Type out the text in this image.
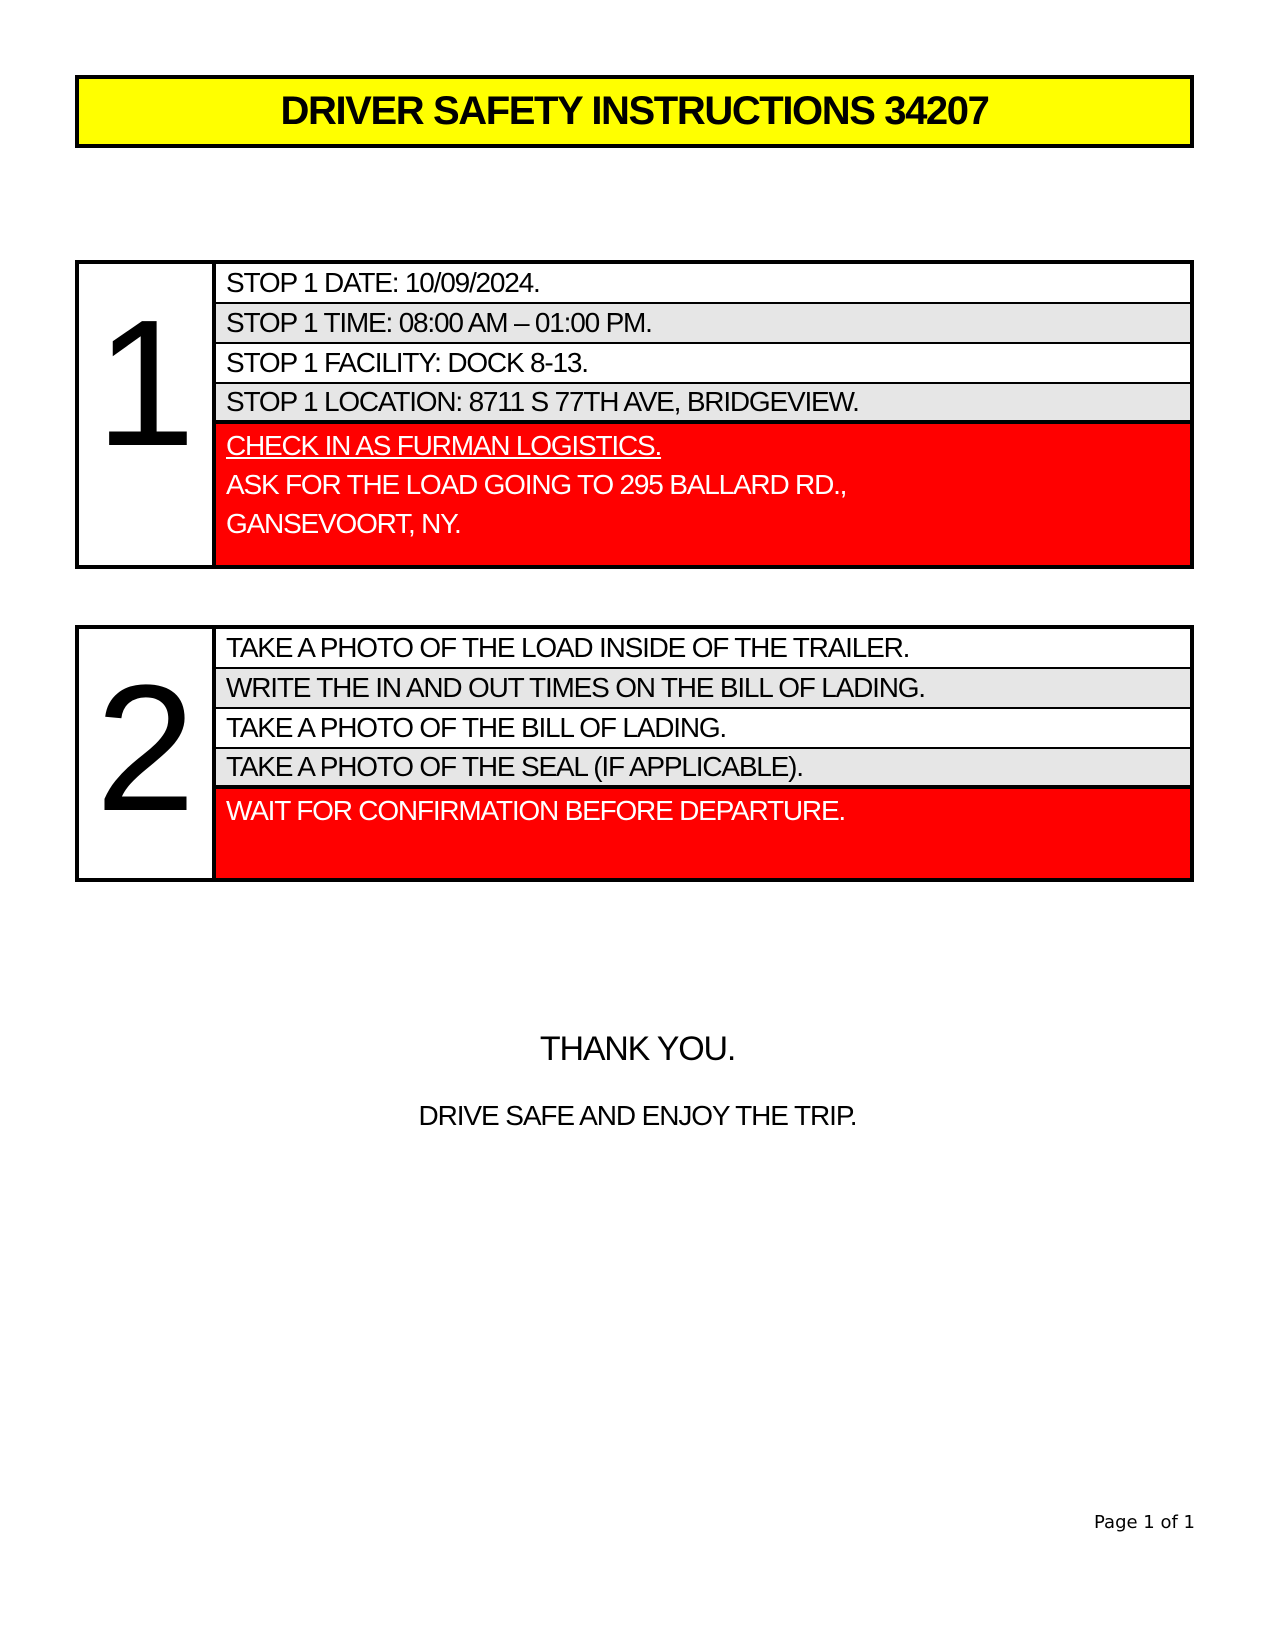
DRIVER SAFETY INSTRUCTIONS 34207
1
STOP 1 DATE: 10/09/2024.
STOP 1 TIME: 08:00 AM – 01:00 PM.
STOP 1 FACILITY: DOCK 8-13.
STOP 1 LOCATION: 8711 S 77TH AVE, BRIDGEVIEW.
CHECK IN AS FURMAN LOGISTICS.
ASK FOR THE LOAD GOING TO 295 BALLARD RD.,
GANSEVOORT, NY.
2
TAKE A PHOTO OF THE LOAD INSIDE OF THE TRAILER.
WRITE THE IN AND OUT TIMES ON THE BILL OF LADING.
TAKE A PHOTO OF THE BILL OF LADING.
TAKE A PHOTO OF THE SEAL (IF APPLICABLE).
WAIT FOR CONFIRMATION BEFORE DEPARTURE.
THANK YOU.
DRIVE SAFE AND ENJOY THE TRIP.
Page 1 of 1
